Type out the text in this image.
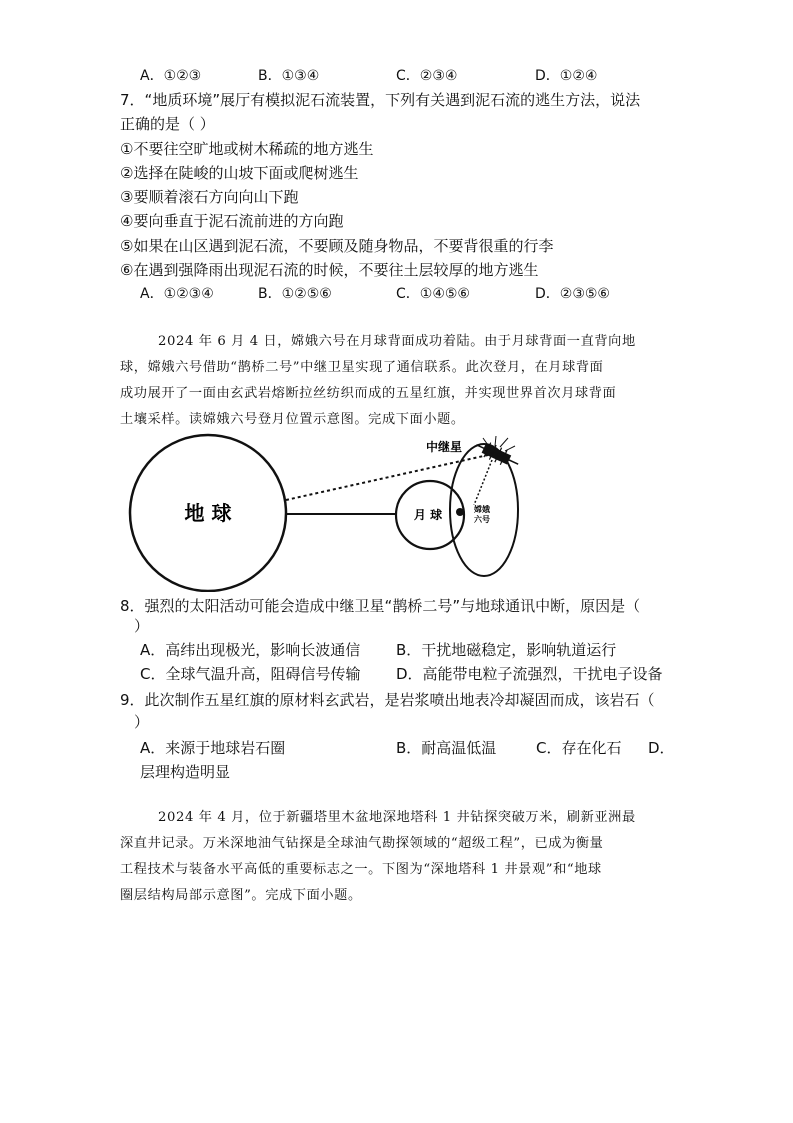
A．①②③	B．①③④	C．②③④	D．①②④
7．“地质环境”展厅有模拟泥石流装置，下列有关遇到泥石流的逃生方法，说法
正确的是（ ）
①不要往空旷地或树木稀疏的地方逃生
②选择在陡峻的山坡下面或爬树逃生
③要顺着滚石方向向山下跑
④要向垂直于泥石流前进的方向跑
⑤如果在山区遇到泥石流，不要顾及随身物品，不要背很重的行李
⑥在遇到强降雨出现泥石流的时候，不要往土层较厚的地方逃生
A．①②③④	B．①②⑤⑥	C．①④⑤⑥	D．②③⑤⑥
2024 年 6 月 4 日，嫦娥六号在月球背面成功着陆。由于月球背面一直背向地
球，嫦娥六号借助“鹊桥二号”中继卫星实现了通信联系。此次登月，在月球背面
成功展开了一面由玄武岩熔断拉丝纺织而成的五星红旗，并实现世界首次月球背面
土壤采样。读嫦娥六号登月位置示意图。完成下面小题。
地 球	月 球
中继星
嫦娥
六号
8．强烈的太阳活动可能会造成中继卫星“鹊桥二号”与地球通讯中断，原因是（
）
A．高纬出现极光，影响长波通信 B．干扰地磁稳定，影响轨道运行
C．全球气温升高，阻碍信号传输 D．高能带电粒子流强烈，干扰电子设备
9．此次制作五星红旗的原材料玄武岩，是岩浆喷出地表冷却凝固而成，该岩石（
）
A．来源于地球岩石圈	B．耐高温低温	C．存在化石 D．
层理构造明显
2024 年 4 月，位于新疆塔里木盆地深地塔科 1 井钻探突破万米，刷新亚洲最
深直井记录。万米深地油气钻探是全球油气勘探领域的“超级工程”，已成为衡量
工程技术与装备水平高低的重要标志之一。下图为“深地塔科 1 井景观”和“地球
圈层结构局部示意图”。完成下面小题。
